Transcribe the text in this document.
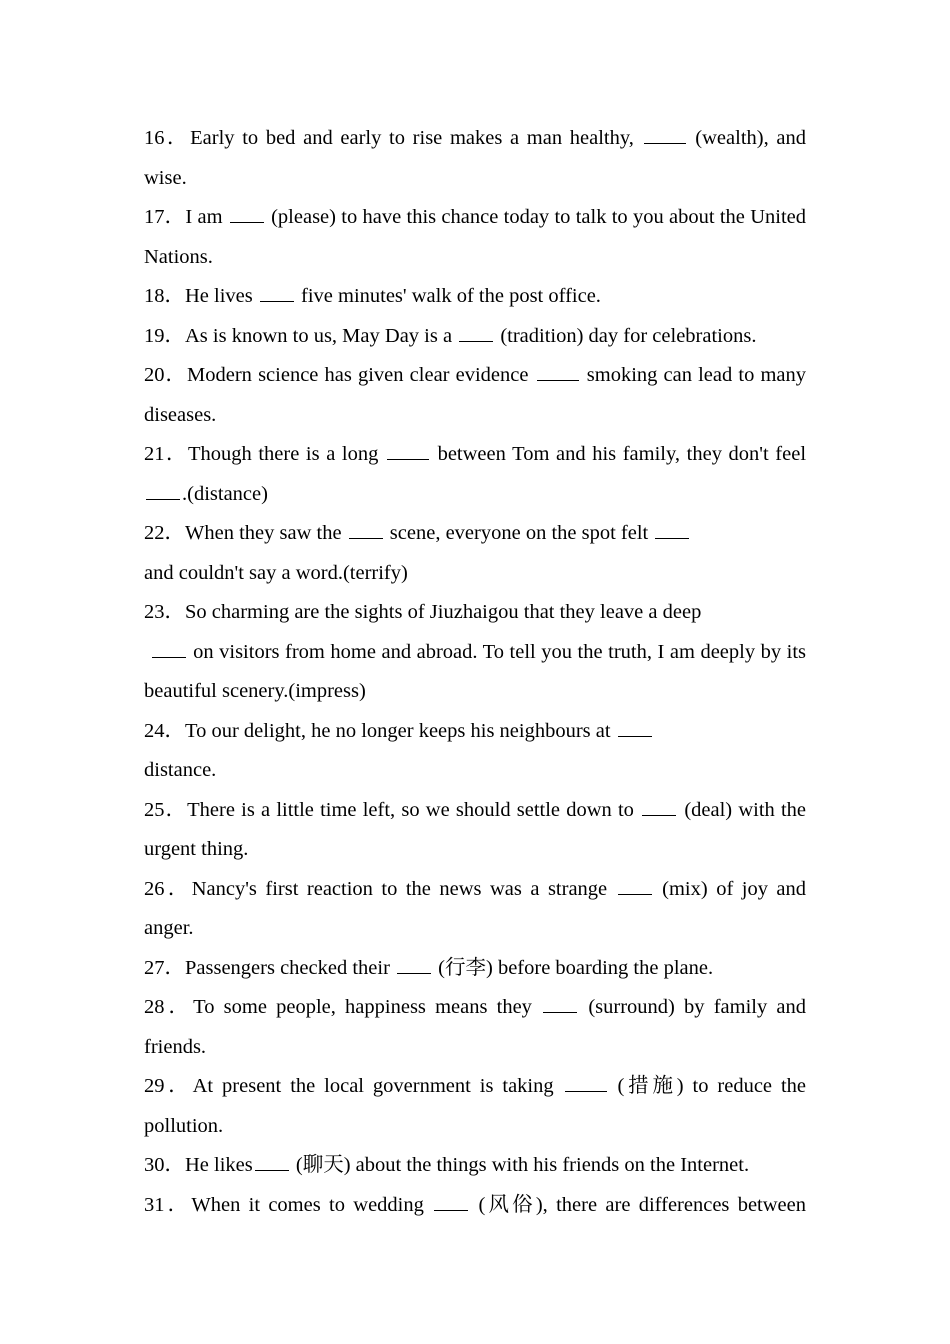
16．Early to bed and early to rise makes a man healthy,	(wealth), and wise.

17．I am (please) to have this chance today to talk to you about the United Nations.

18．He lives five minutes' walk of the post office.

19．As is known to us, May Day is a (tradition) day for celebrations.

20．Modern science has given clear evidence	smoking can lead to many diseases.

21．Though there is a long	between Tom and his family, they don't feel .(distance)

22．When they saw the scene, everyone on the spot felt
and couldn't say a word.(terrify)

23．So charming are the sights of Jiuzhaigou that they leave a deep
on visitors from home and abroad. To tell you the truth, I am deeply by its beautiful scenery.(impress)

24．To our delight, he no longer keeps his neighbours at
distance.

25．There is a little time left, so we should settle down to (deal) with the urgent thing.

26．Nancy's first reaction to the news was a strange	(mix) of joy and anger.

27．Passengers checked their (行李) before boarding the plane.

28．To some people, happiness means they	(surround) by family and friends.

29．At present the local government is taking	(措施) to reduce the pollution.

30．He likes (聊天) about the things with his friends on the Internet.

31．When it comes to wedding	(风俗), there are differences between
